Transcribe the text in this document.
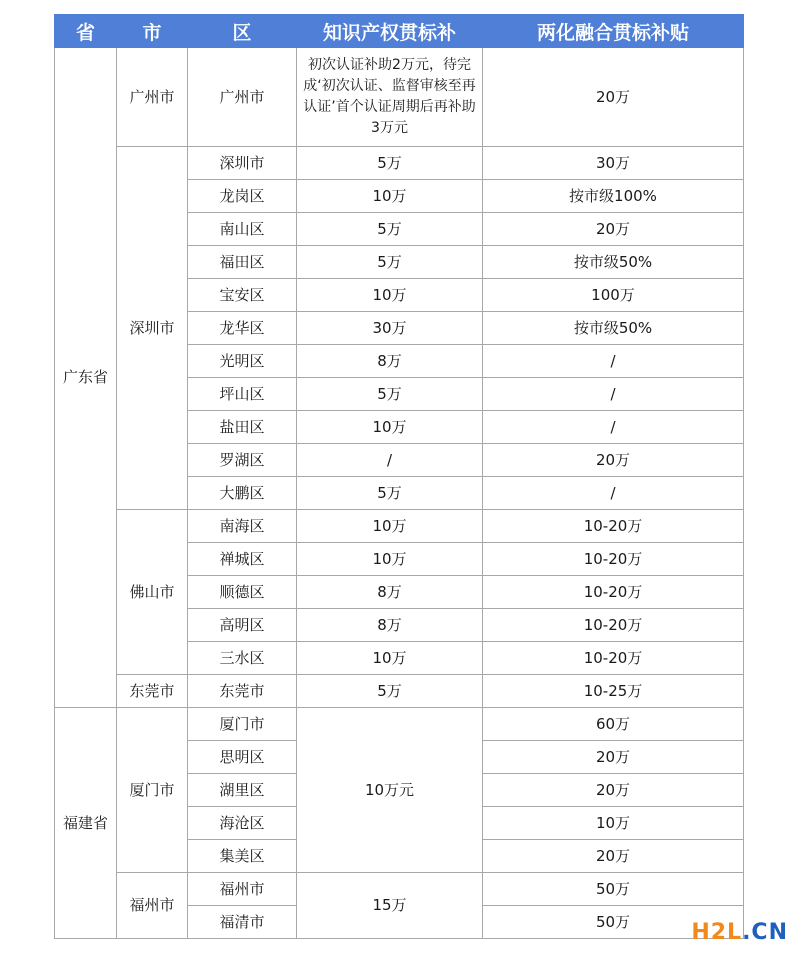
省	市	区	知识产权贯标补	两化融合贯标补贴
广东省	广州市	广州市	初次认证补助2万元，待完成‘初次认证、监督审核至再认证’首个认证周期后再补助3万元	20万
	深圳市	深圳市	5万	30万
		龙岗区	10万	按市级100%
		南山区	5万	20万
		福田区	5万	按市级50%
		宝安区	10万	100万
		龙华区	30万	按市级50%
		光明区	8万	/
		坪山区	5万	/
		盐田区	10万	/
		罗湖区	/	20万
		大鹏区	5万	/
	佛山市	南海区	10万	10-20万
		禅城区	10万	10-20万
		顺德区	8万	10-20万
		高明区	8万	10-20万
		三水区	10万	10-20万
	东莞市	东莞市	5万	10-25万
福建省	厦门市	厦门市	10万元	60万
		思明区		20万
		湖里区		20万
		海沧区		10万
		集美区		20万
	福州市	福州市	15万	50万
		福清市		50万	H2L.CN
